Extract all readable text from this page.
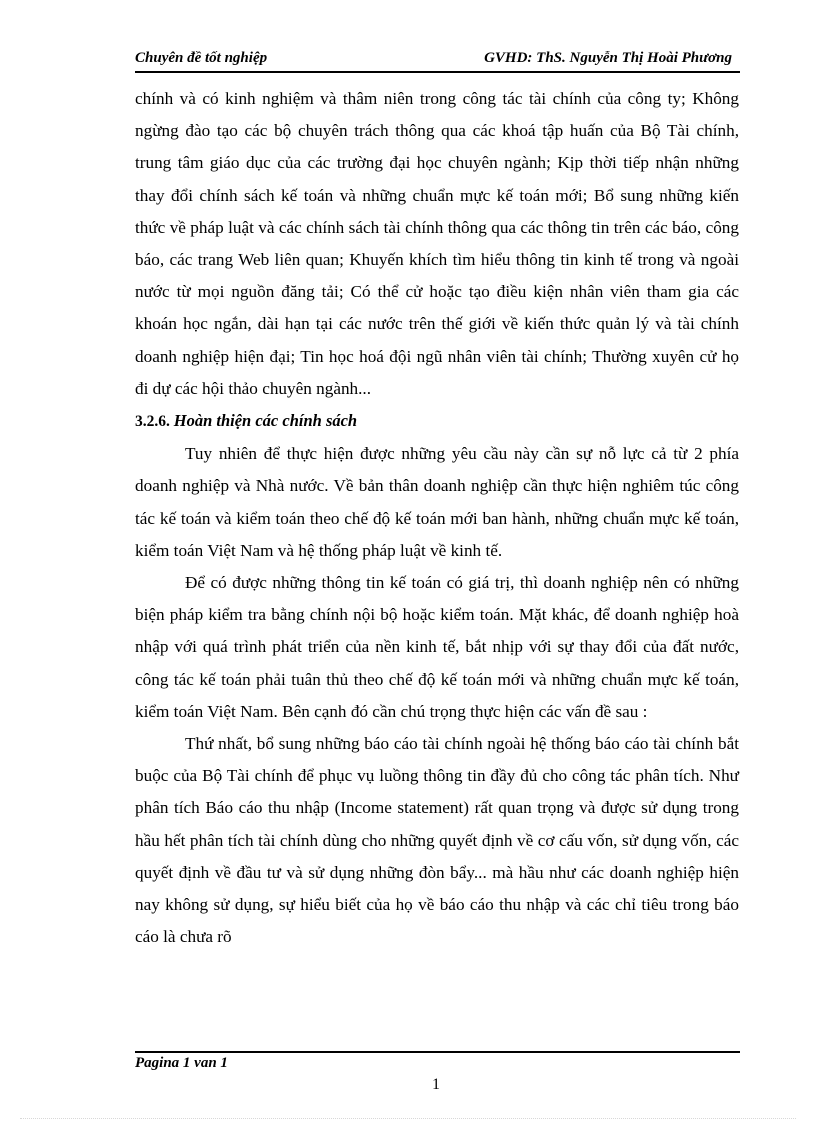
Chuyên đề tốt nghiệp	GVHD: ThS. Nguyễn Thị Hoài Phương

chính và có kinh nghiệm và thâm niên trong công tác tài chính của công ty; Không ngừng đào tạo các bộ chuyên trách thông qua các khoá tập huấn của Bộ Tài chính, trung tâm giáo dục của các trường đại học chuyên ngành; Kịp thời tiếp nhận những thay đổi chính sách kế toán và những chuẩn mực kế toán mới; Bổ sung những kiến thức về pháp luật và các chính sách tài chính thông qua các thông tin trên các báo, công báo, các trang Web liên quan; Khuyến khích tìm hiểu thông tin kinh tế trong và ngoài nước từ mọi nguồn đăng tải; Có thể cử hoặc tạo điều kiện nhân viên tham gia các khoán học ngắn, dài hạn tại các nước trên thế giới về kiến thức quản lý và tài chính doanh nghiệp hiện đại; Tin học hoá đội ngũ nhân viên tài chính; Thường xuyên cử họ đi dự các hội thảo chuyên ngành...

3.2.6. Hoàn thiện các chính sách

Tuy nhiên để thực hiện được những yêu cầu này cần sự nỗ lực cả từ 2 phía doanh nghiệp và Nhà nước. Về bản thân doanh nghiệp cần thực hiện nghiêm túc công tác kế toán và kiểm toán theo chế độ kế toán mới ban hành, những chuẩn mực kế toán, kiểm toán Việt Nam và hệ thống pháp luật về kinh tế.

Để có được những thông tin kế toán có giá trị, thì doanh nghiệp nên có những biện pháp kiểm tra bằng chính nội bộ hoặc kiểm toán. Mặt khác, để doanh nghiệp hoà nhập với quá trình phát triển của nền kinh tế, bắt nhịp với sự thay đổi của đất nước, công tác kế toán phải tuân thủ theo chế độ kế toán mới và những chuẩn mực kế toán, kiểm toán Việt Nam. Bên cạnh đó cần chú trọng thực hiện các vấn đề sau :

Thứ nhất, bổ sung những báo cáo tài chính ngoài hệ thống báo cáo tài chính bắt buộc của Bộ Tài chính để phục vụ luồng thông tin đầy đủ cho công tác phân tích. Như phân tích Báo cáo thu nhập (Income statement) rất quan trọng và được sử dụng trong hầu hết phân tích tài chính dùng cho những quyết định về cơ cấu vốn, sử dụng vốn, các quyết định về đầu tư và sử dụng những đòn bẩy... mà hầu như các doanh nghiệp hiện nay không sử dụng, sự hiểu biết của họ về báo cáo thu nhập và các chỉ tiêu trong báo cáo là chưa rõ

Pagina 1 van 1
1
